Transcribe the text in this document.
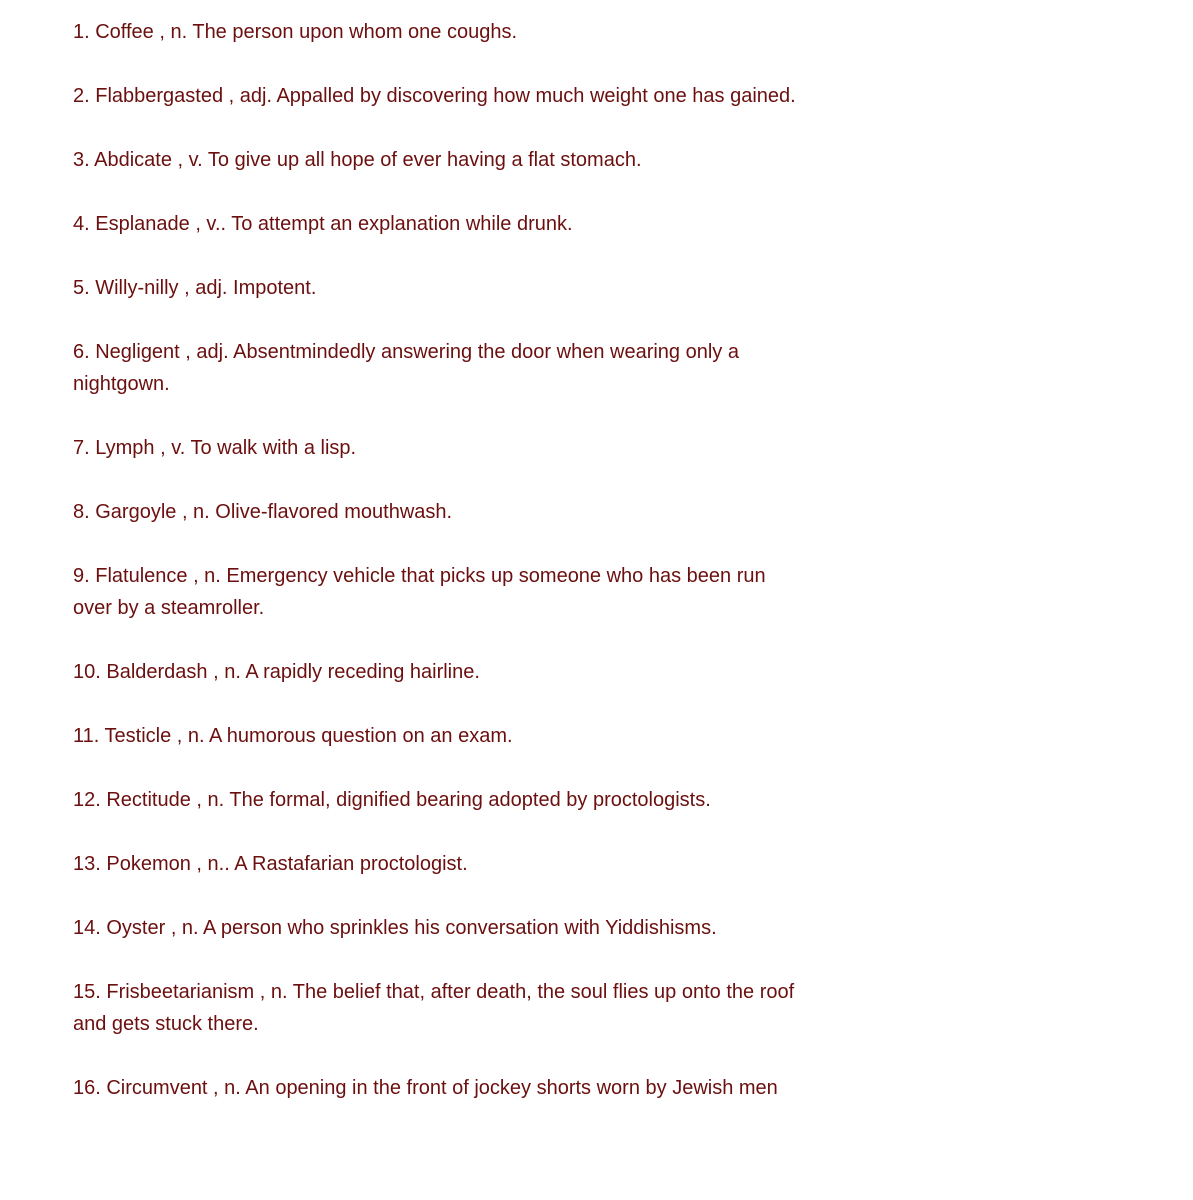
1. Coffee , n. The person upon whom one coughs.
2. Flabbergasted , adj. Appalled by discovering how much weight one has gained.
3. Abdicate , v. To give up all hope of ever having a flat stomach.
4. Esplanade , v.. To attempt an explanation while drunk.
5. Willy-nilly , adj. Impotent.
6. Negligent , adj. Absentmindedly answering the door when wearing only a nightgown.
7. Lymph , v. To walk with a lisp.
8. Gargoyle , n. Olive-flavored mouthwash.
9. Flatulence , n. Emergency vehicle that picks up someone who has been run over by a steamroller.
10. Balderdash , n. A rapidly receding hairline.
11. Testicle , n. A humorous question on an exam.
12. Rectitude , n. The formal, dignified bearing adopted by proctologists.
13. Pokemon , n.. A Rastafarian proctologist.
14. Oyster , n. A person who sprinkles his conversation with Yiddishisms.
15. Frisbeetarianism , n. The belief that, after death, the soul flies up onto the roof and gets stuck there.
16. Circumvent , n. An opening in the front of jockey shorts worn by Jewish men
